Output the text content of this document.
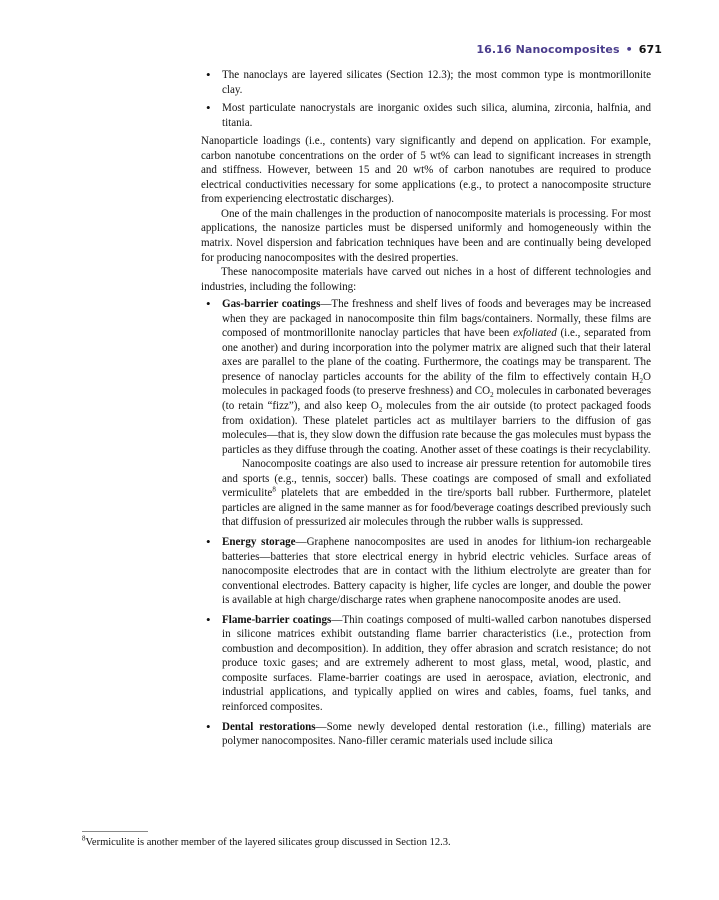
16.16 Nanocomposites • 671
• The nanoclays are layered silicates (Section 12.3); the most common type is montmorillonite clay.
• Most particulate nanocrystals are inorganic oxides such silica, alumina, zirconia, halfnia, and titania.

Nanoparticle loadings (i.e., contents) vary significantly and depend on application. For example, carbon nanotube concentrations on the order of 5 wt% can lead to significant increases in strength and stiffness. However, between 15 and 20 wt% of carbon nanotubes are required to produce electrical conductivities necessary for some applications (e.g., to protect a nanocomposite structure from experiencing electrostatic discharges).

One of the main challenges in the production of nanocomposite materials is processing. For most applications, the nanosize particles must be dispersed uniformly and homogeneously within the matrix. Novel dispersion and fabrication techniques have been and are continually being developed for producing nanocomposites with the desired properties.

These nanocomposite materials have carved out niches in a host of different technologies and industries, including the following:

• Gas-barrier coatings—The freshness and shelf lives of foods and beverages may be increased when they are packaged in nanocomposite thin film bags/containers. Normally, these films are composed of montmorillonite nanoclay particles that have been exfoliated (i.e., separated from one another) and during incorporation into the polymer matrix are aligned such that their lateral axes are parallel to the plane of the coating. Furthermore, the coatings may be transparent. The presence of nanoclay particles accounts for the ability of the film to effectively contain $H_2O$ molecules in packaged foods (to preserve freshness) and $CO_2$ molecules in carbonated beverages (to retain “fizz”), and also keep $O_2$ molecules from the air outside (to protect packaged foods from oxidation). These platelet particles act as multilayer barriers to the diffusion of gas molecules—that is, they slow down the diffusion rate because the gas molecules must bypass the particles as they diffuse through the coating. Another asset of these coatings is their recyclability.

Nanocomposite coatings are also used to increase air pressure retention for automobile tires and sports (e.g., tennis, soccer) balls. These coatings are composed of small and exfoliated vermiculite$^8$ platelets that are embedded in the tire/sports ball rubber. Furthermore, platelet particles are aligned in the same manner as for food/beverage coatings described previously such that diffusion of pressurized air molecules through the rubber walls is suppressed.

• Energy storage—Graphene nanocomposites are used in anodes for lithium-ion rechargeable batteries—batteries that store electrical energy in hybrid electric vehicles. Surface areas of nanocomposite electrodes that are in contact with the lithium electrolyte are greater than for conventional electrodes. Battery capacity is higher, life cycles are longer, and double the power is available at high charge/discharge rates when graphene nanocomposite anodes are used.
• Flame-barrier coatings—Thin coatings composed of multi-walled carbon nanotubes dispersed in silicone matrices exhibit outstanding flame barrier characteristics (i.e., protection from combustion and decomposition). In addition, they offer abrasion and scratch resistance; do not produce toxic gases; and are extremely adherent to most glass, metal, wood, plastic, and composite surfaces. Flame-barrier coatings are used in aerospace, aviation, electronic, and industrial applications, and typically applied on wires and cables, foams, fuel tanks, and reinforced composites.
• Dental restorations—Some newly developed dental restoration (i.e., filling) materials are polymer nanocomposites. Nano-filler ceramic materials used include silica
$^8$Vermiculite is another member of the layered silicates group discussed in Section 12.3.
